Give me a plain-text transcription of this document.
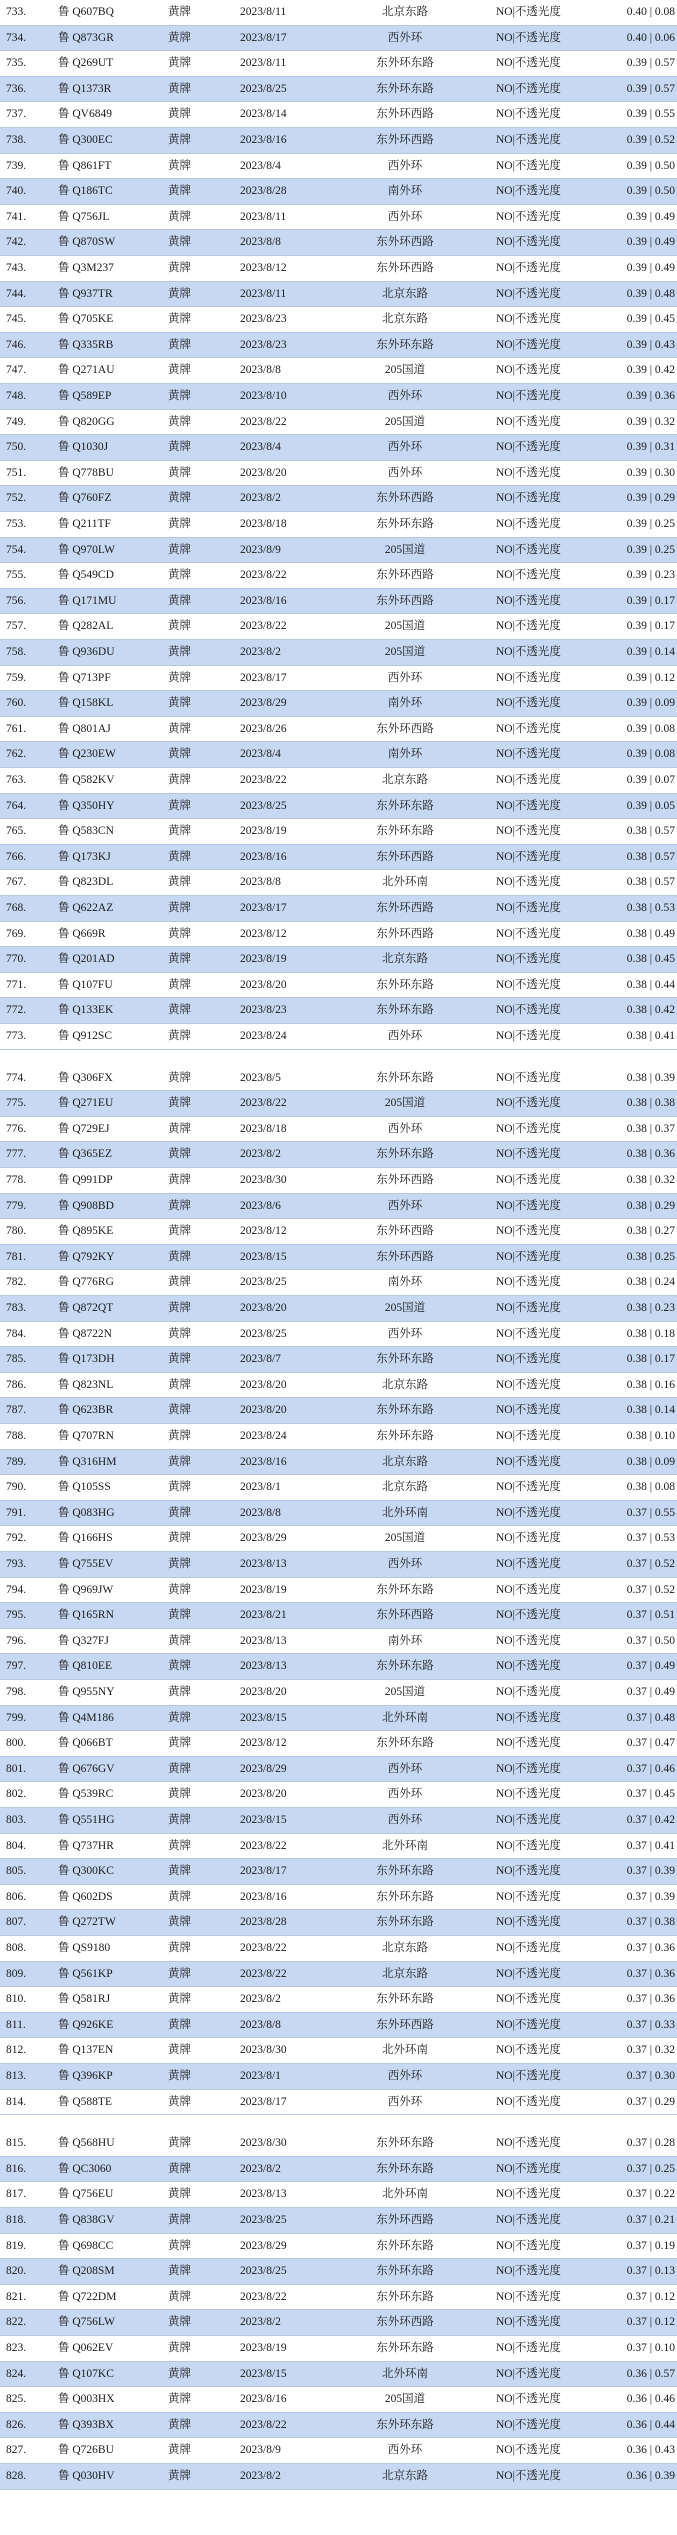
733.	鲁 Q607BQ	黄牌	2023/8/11	北京东路	NO|不透光度	0.40 | 0.08
734.	鲁 Q873GR	黄牌	2023/8/17	西外环	NO|不透光度	0.40 | 0.06
735.	鲁 Q269UT	黄牌	2023/8/11	东外环东路	NO|不透光度	0.39 | 0.57
736.	鲁 Q1373R	黄牌	2023/8/25	东外环东路	NO|不透光度	0.39 | 0.57
737.	鲁 QV6849	黄牌	2023/8/14	东外环西路	NO|不透光度	0.39 | 0.55
738.	鲁 Q300EC	黄牌	2023/8/16	东外环西路	NO|不透光度	0.39 | 0.52
739.	鲁 Q861FT	黄牌	2023/8/4	西外环	NO|不透光度	0.39 | 0.50
740.	鲁 Q186TC	黄牌	2023/8/28	南外环	NO|不透光度	0.39 | 0.50
741.	鲁 Q756JL	黄牌	2023/8/11	西外环	NO|不透光度	0.39 | 0.49
742.	鲁 Q870SW	黄牌	2023/8/8	东外环西路	NO|不透光度	0.39 | 0.49
743.	鲁 Q3M237	黄牌	2023/8/12	东外环西路	NO|不透光度	0.39 | 0.49
744.	鲁 Q937TR	黄牌	2023/8/11	北京东路	NO|不透光度	0.39 | 0.48
745.	鲁 Q705KE	黄牌	2023/8/23	北京东路	NO|不透光度	0.39 | 0.45
746.	鲁 Q335RB	黄牌	2023/8/23	东外环东路	NO|不透光度	0.39 | 0.43
747.	鲁 Q271AU	黄牌	2023/8/8	205国道	NO|不透光度	0.39 | 0.42
748.	鲁 Q589EP	黄牌	2023/8/10	西外环	NO|不透光度	0.39 | 0.36
749.	鲁 Q820GG	黄牌	2023/8/22	205国道	NO|不透光度	0.39 | 0.32
750.	鲁 Q1030J	黄牌	2023/8/4	西外环	NO|不透光度	0.39 | 0.31
751.	鲁 Q778BU	黄牌	2023/8/20	西外环	NO|不透光度	0.39 | 0.30
752.	鲁 Q760FZ	黄牌	2023/8/2	东外环西路	NO|不透光度	0.39 | 0.29
753.	鲁 Q211TF	黄牌	2023/8/18	东外环东路	NO|不透光度	0.39 | 0.25
754.	鲁 Q970LW	黄牌	2023/8/9	205国道	NO|不透光度	0.39 | 0.25
755.	鲁 Q549CD	黄牌	2023/8/22	东外环西路	NO|不透光度	0.39 | 0.23
756.	鲁 Q171MU	黄牌	2023/8/16	东外环西路	NO|不透光度	0.39 | 0.17
757.	鲁 Q282AL	黄牌	2023/8/22	205国道	NO|不透光度	0.39 | 0.17
758.	鲁 Q936DU	黄牌	2023/8/2	205国道	NO|不透光度	0.39 | 0.14
759.	鲁 Q713PF	黄牌	2023/8/17	西外环	NO|不透光度	0.39 | 0.12
760.	鲁 Q158KL	黄牌	2023/8/29	南外环	NO|不透光度	0.39 | 0.09
761.	鲁 Q801AJ	黄牌	2023/8/26	东外环西路	NO|不透光度	0.39 | 0.08
762.	鲁 Q230EW	黄牌	2023/8/4	南外环	NO|不透光度	0.39 | 0.08
763.	鲁 Q582KV	黄牌	2023/8/22	北京东路	NO|不透光度	0.39 | 0.07
764.	鲁 Q350HY	黄牌	2023/8/25	东外环东路	NO|不透光度	0.39 | 0.05
765.	鲁 Q583CN	黄牌	2023/8/19	东外环东路	NO|不透光度	0.38 | 0.57
766.	鲁 Q173KJ	黄牌	2023/8/16	东外环西路	NO|不透光度	0.38 | 0.57
767.	鲁 Q823DL	黄牌	2023/8/8	北外环南	NO|不透光度	0.38 | 0.57
768.	鲁 Q622AZ	黄牌	2023/8/17	东外环西路	NO|不透光度	0.38 | 0.53
769.	鲁 Q669R	黄牌	2023/8/12	东外环西路	NO|不透光度	0.38 | 0.49
770.	鲁 Q201AD	黄牌	2023/8/19	北京东路	NO|不透光度	0.38 | 0.45
771.	鲁 Q107FU	黄牌	2023/8/20	东外环东路	NO|不透光度	0.38 | 0.44
772.	鲁 Q133EK	黄牌	2023/8/23	东外环东路	NO|不透光度	0.38 | 0.42
773.	鲁 Q912SC	黄牌	2023/8/24	西外环	NO|不透光度	0.38 | 0.41
774.	鲁 Q306FX	黄牌	2023/8/5	东外环东路	NO|不透光度	0.38 | 0.39
775.	鲁 Q271EU	黄牌	2023/8/22	205国道	NO|不透光度	0.38 | 0.38
776.	鲁 Q729EJ	黄牌	2023/8/18	西外环	NO|不透光度	0.38 | 0.37
777.	鲁 Q365EZ	黄牌	2023/8/2	东外环东路	NO|不透光度	0.38 | 0.36
778.	鲁 Q991DP	黄牌	2023/8/30	东外环西路	NO|不透光度	0.38 | 0.32
779.	鲁 Q908BD	黄牌	2023/8/6	西外环	NO|不透光度	0.38 | 0.29
780.	鲁 Q895KE	黄牌	2023/8/12	东外环西路	NO|不透光度	0.38 | 0.27
781.	鲁 Q792KY	黄牌	2023/8/15	东外环西路	NO|不透光度	0.38 | 0.25
782.	鲁 Q776RG	黄牌	2023/8/25	南外环	NO|不透光度	0.38 | 0.24
783.	鲁 Q872QT	黄牌	2023/8/20	205国道	NO|不透光度	0.38 | 0.23
784.	鲁 Q8722N	黄牌	2023/8/25	西外环	NO|不透光度	0.38 | 0.18
785.	鲁 Q173DH	黄牌	2023/8/7	东外环东路	NO|不透光度	0.38 | 0.17
786.	鲁 Q823NL	黄牌	2023/8/20	北京东路	NO|不透光度	0.38 | 0.16
787.	鲁 Q623BR	黄牌	2023/8/20	东外环东路	NO|不透光度	0.38 | 0.14
788.	鲁 Q707RN	黄牌	2023/8/24	东外环东路	NO|不透光度	0.38 | 0.10
789.	鲁 Q316HM	黄牌	2023/8/16	北京东路	NO|不透光度	0.38 | 0.09
790.	鲁 Q105SS	黄牌	2023/8/1	北京东路	NO|不透光度	0.38 | 0.08
791.	鲁 Q083HG	黄牌	2023/8/8	北外环南	NO|不透光度	0.37 | 0.55
792.	鲁 Q166HS	黄牌	2023/8/29	205国道	NO|不透光度	0.37 | 0.53
793.	鲁 Q755EV	黄牌	2023/8/13	西外环	NO|不透光度	0.37 | 0.52
794.	鲁 Q969JW	黄牌	2023/8/19	东外环东路	NO|不透光度	0.37 | 0.52
795.	鲁 Q165RN	黄牌	2023/8/21	东外环西路	NO|不透光度	0.37 | 0.51
796.	鲁 Q327FJ	黄牌	2023/8/13	南外环	NO|不透光度	0.37 | 0.50
797.	鲁 Q810EE	黄牌	2023/8/13	东外环东路	NO|不透光度	0.37 | 0.49
798.	鲁 Q955NY	黄牌	2023/8/20	205国道	NO|不透光度	0.37 | 0.49
799.	鲁 Q4M186	黄牌	2023/8/15	北外环南	NO|不透光度	0.37 | 0.48
800.	鲁 Q066BT	黄牌	2023/8/12	东外环东路	NO|不透光度	0.37 | 0.47
801.	鲁 Q676GV	黄牌	2023/8/29	西外环	NO|不透光度	0.37 | 0.46
802.	鲁 Q539RC	黄牌	2023/8/20	西外环	NO|不透光度	0.37 | 0.45
803.	鲁 Q551HG	黄牌	2023/8/15	西外环	NO|不透光度	0.37 | 0.42
804.	鲁 Q737HR	黄牌	2023/8/22	北外环南	NO|不透光度	0.37 | 0.41
805.	鲁 Q300KC	黄牌	2023/8/17	东外环东路	NO|不透光度	0.37 | 0.39
806.	鲁 Q602DS	黄牌	2023/8/16	东外环东路	NO|不透光度	0.37 | 0.39
807.	鲁 Q272TW	黄牌	2023/8/28	东外环东路	NO|不透光度	0.37 | 0.38
808.	鲁 QS9180	黄牌	2023/8/22	北京东路	NO|不透光度	0.37 | 0.36
809.	鲁 Q561KP	黄牌	2023/8/22	北京东路	NO|不透光度	0.37 | 0.36
810.	鲁 Q581RJ	黄牌	2023/8/2	东外环东路	NO|不透光度	0.37 | 0.36
811.	鲁 Q926KE	黄牌	2023/8/8	东外环西路	NO|不透光度	0.37 | 0.33
812.	鲁 Q137EN	黄牌	2023/8/30	北外环南	NO|不透光度	0.37 | 0.32
813.	鲁 Q396KP	黄牌	2023/8/1	西外环	NO|不透光度	0.37 | 0.30
814.	鲁 Q588TE	黄牌	2023/8/17	西外环	NO|不透光度	0.37 | 0.29
815.	鲁 Q568HU	黄牌	2023/8/30	东外环东路	NO|不透光度	0.37 | 0.28
816.	鲁 QC3060	黄牌	2023/8/2	东外环东路	NO|不透光度	0.37 | 0.25
817.	鲁 Q756EU	黄牌	2023/8/13	北外环南	NO|不透光度	0.37 | 0.22
818.	鲁 Q838GV	黄牌	2023/8/25	东外环西路	NO|不透光度	0.37 | 0.21
819.	鲁 Q698CC	黄牌	2023/8/29	东外环东路	NO|不透光度	0.37 | 0.19
820.	鲁 Q208SM	黄牌	2023/8/25	东外环东路	NO|不透光度	0.37 | 0.13
821.	鲁 Q722DM	黄牌	2023/8/22	东外环东路	NO|不透光度	0.37 | 0.12
822.	鲁 Q756LW	黄牌	2023/8/2	东外环西路	NO|不透光度	0.37 | 0.12
823.	鲁 Q062EV	黄牌	2023/8/19	东外环东路	NO|不透光度	0.37 | 0.10
824.	鲁 Q107KC	黄牌	2023/8/15	北外环南	NO|不透光度	0.36 | 0.57
825.	鲁 Q003HX	黄牌	2023/8/16	205国道	NO|不透光度	0.36 | 0.46
826.	鲁 Q393BX	黄牌	2023/8/22	东外环东路	NO|不透光度	0.36 | 0.44
827.	鲁 Q726BU	黄牌	2023/8/9	西外环	NO|不透光度	0.36 | 0.43
828.	鲁 Q030HV	黄牌	2023/8/2	北京东路	NO|不透光度	0.36 | 0.39
